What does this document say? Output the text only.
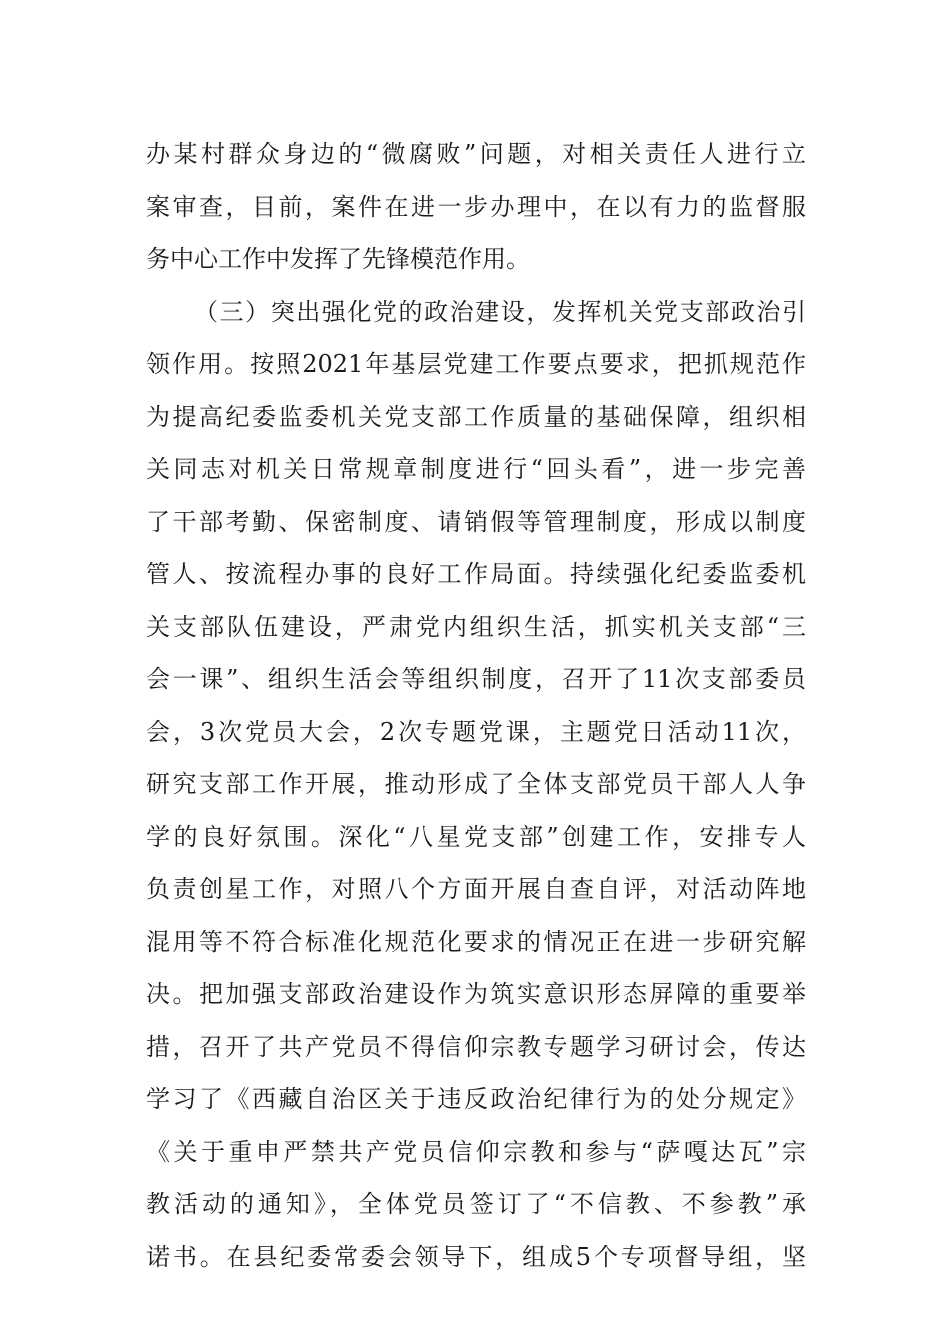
办某村群众身边的“微腐败”问题，对相关责任人进行立
案审查，目前，案件在进一步办理中，在以有力的监督服
务中心工作中发挥了先锋模范作用。
（三）突出强化党的政治建设，发挥机关党支部政治引
领作用。按照2021年基层党建工作要点要求，把抓规范作
为提高纪委监委机关党支部工作质量的基础保障，组织相
关同志对机关日常规章制度进行“回头看”，进一步完善
了干部考勤、保密制度、请销假等管理制度，形成以制度
管人、按流程办事的良好工作局面。持续强化纪委监委机
关支部队伍建设，严肃党内组织生活，抓实机关支部“三
会一课”、组织生活会等组织制度，召开了11次支部委员
会，3次党员大会，2次专题党课，主题党日活动11次，
研究支部工作开展，推动形成了全体支部党员干部人人争
学的良好氛围。深化“八星党支部”创建工作，安排专人
负责创星工作，对照八个方面开展自查自评，对活动阵地
混用等不符合标准化规范化要求的情况正在进一步研究解
决。把加强支部政治建设作为筑实意识形态屏障的重要举
措，召开了共产党员不得信仰宗教专题学习研讨会，传达
学习了《西藏自治区关于违反政治纪律行为的处分规定》
《关于重申严禁共产党员信仰宗教和参与“萨嘎达瓦”宗
教活动的通知》，全体党员签订了“不信教、不参教”承
诺书。在县纪委常委会领导下，组成5个专项督导组，坚
